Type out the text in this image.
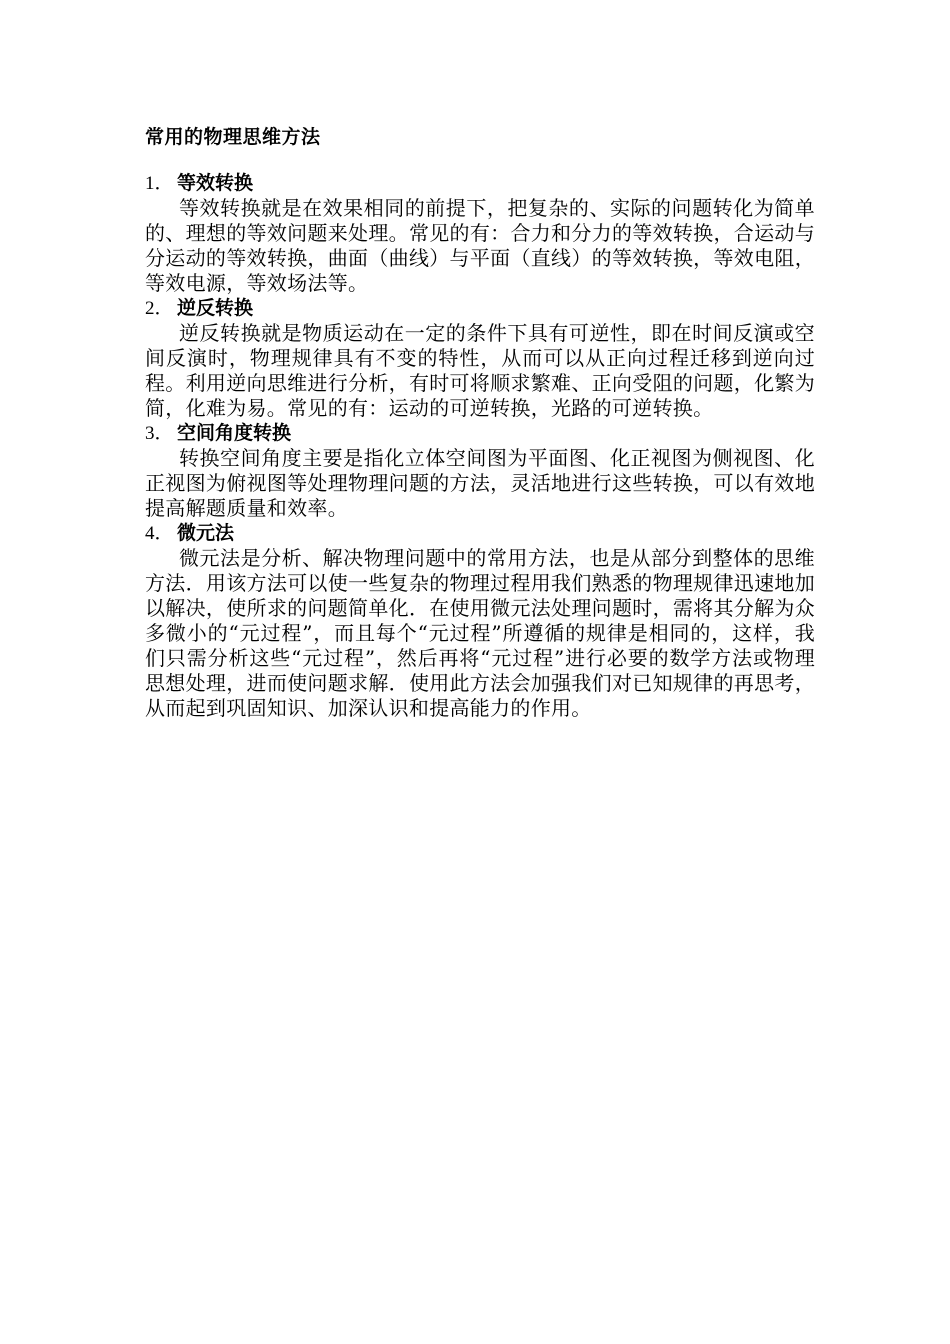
常用的物理思维方法
1． 等效转换

等效转换就是在效果相同的前提下，把复杂的、实际的问题转化为简单的、理想的等效问题来处理。常见的有：合力和分力的等效转换，合运动与分运动的等效转换，曲面（曲线）与平面（直线）的等效转换，等效电阻，等效电源，等效场法等。

2． 逆反转换

逆反转换就是物质运动在一定的条件下具有可逆性，即在时间反演或空间反演时，物理规律具有不变的特性，从而可以从正向过程迁移到逆向过程。利用逆向思维进行分析，有时可将顺求繁难、正向受阻的问题，化繁为简，化难为易。常见的有：运动的可逆转换，光路的可逆转换。

3． 空间角度转换

转换空间角度主要是指化立体空间图为平面图、化正视图为侧视图、化正视图为俯视图等处理物理问题的方法，灵活地进行这些转换，可以有效地提高解题质量和效率。

4． 微元法

微元法是分析、解决物理问题中的常用方法，也是从部分到整体的思维方法．用该方法可以使一些复杂的物理过程用我们熟悉的物理规律迅速地加以解决，使所求的问题简单化．在使用微元法处理问题时，需将其分解为众多微小的“元过程”，而且每个“元过程”所遵循的规律是相同的，这样，我们只需分析这些“元过程”，然后再将“元过程”进行必要的数学方法或物理思想处理，进而使问题求解．使用此方法会加强我们对已知规律的再思考，从而起到巩固知识、加深认识和提高能力的作用。
